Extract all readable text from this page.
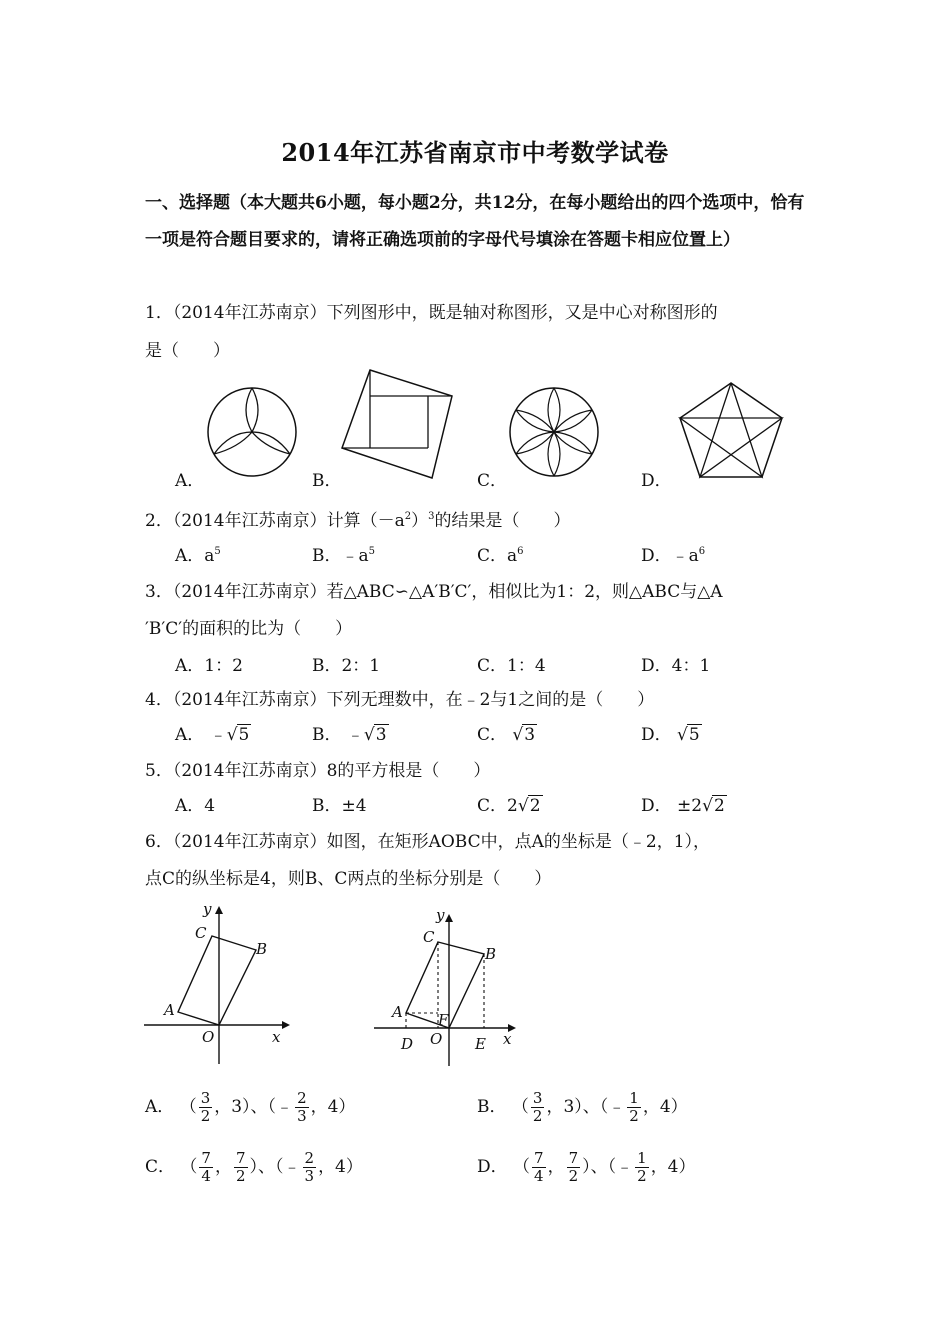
2014年江苏省南京市中考数学试卷
一、选择题（本大题共6小题，每小题2分，共12分，在每小题给出的四个选项中，恰有一项是符合题目要求的，请将正确选项前的字母代号填涂在答题卡相应位置上）
1．（2014年江苏南京）下列图形中，既是轴对称图形，又是中心对称图形的
是（　　）
A．	B．	C．	D．
2．（2014年江苏南京）计算$(-a^2)^3$的结果是（　　）
A．$a^5$	B．$﹣a^5$	C．$a^6$	D．$﹣a^6$
3．（2014年江苏南京）若△ABC∽△A′B′C′，相似比为1：2，则△ABC与△A
′B′C′的面积的比为（　　）
A．1：2	B．2：1	C．1：4	D．4：1
4．（2014年江苏南京）下列无理数中，在﹣2与1之间的是（　　）
A． ﹣√5	B． ﹣√3	C． √3	D． √5
5．（2014年江苏南京）8的平方根是（　　）
A．4	B．±4	C．2√2	D． ±2√2
6．（2014年江苏南京）如图，在矩形AOBC中，点A的坐标是（﹣2，1），
点C的纵坐标是4，则B、C两点的坐标分别是（　　）
y
C
B
A
O	x
y
C
B
A F
D O E x
A． （ $\frac{3}{2}$ ，3）、（﹣ $\frac{2}{3}$ ，4）	B． （ $\frac{3}{2}$ ，3）、（﹣ $\frac{1}{2}$ ，4）
C． （ $\frac{7}{4}$ ， $\frac{7}{2}$ ）、（﹣ $\frac{2}{3}$ ，4）	D． （ $\frac{7}{4}$ ， $\frac{7}{2}$ ）、（﹣ $\frac{1}{2}$ ，4）
